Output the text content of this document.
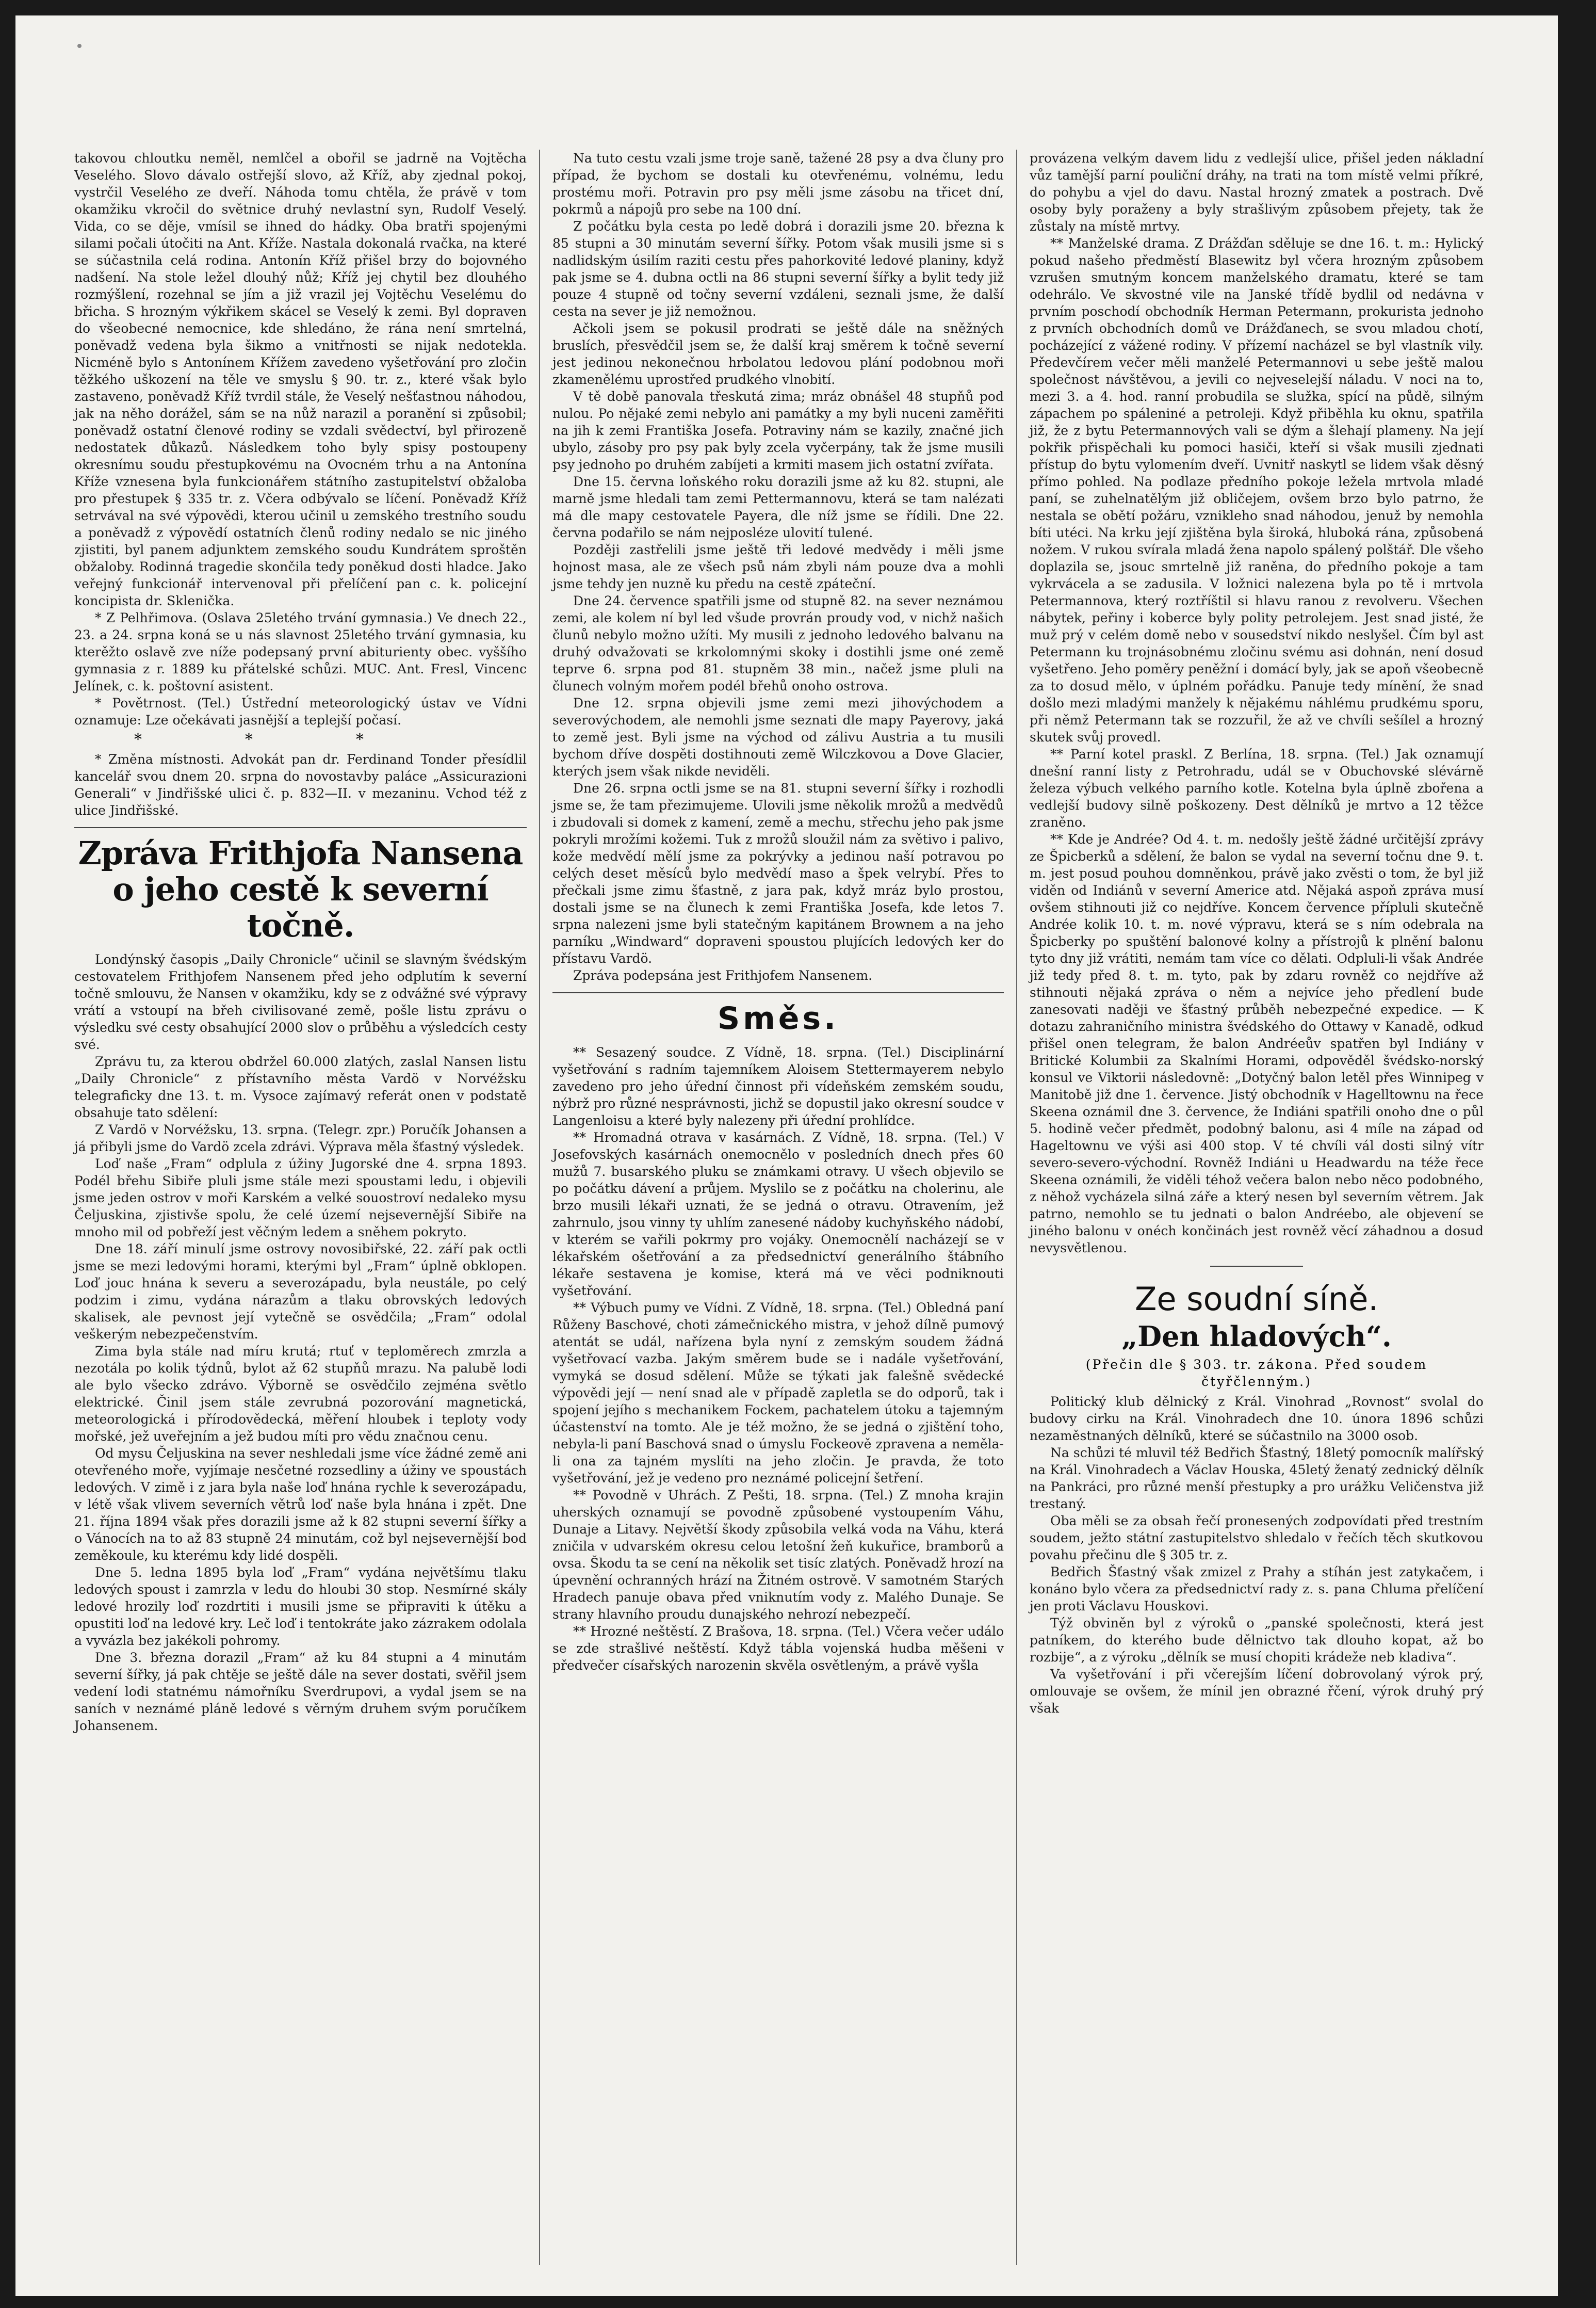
takovou chloutku neměl, nemlčel a obořil se jadrně na Vojtěcha Veselého. Slovo dávalo ostřejší slovo, až Kříž, aby zjednal pokoj, vystrčil Veselého ze dveří. Náhoda tomu chtěla, že právě v tom okamžiku vkročil do světnice druhý nevlastní syn, Rudolf Veselý. Vida, co se děje, vmísil se ihned do hádky. Oba bratři spojenými silami počali útočiti na Ant. Kříže. Nastala dokonalá rvačka, na které se súčastnila celá rodina. Antonín Kříž přišel brzy do bojovného nadšení. Na stole ležel dlouhý nůž; Kříž jej chytil bez dlouhého rozmýšlení, rozehnal se jím a již vrazil jej Vojtěchu Veselému do břicha. S hrozným výkřikem skácel se Veselý k zemi. Byl dopraven do všeobecné nemocnice, kde shledáno, že rána není smrtelná, poněvadž vedena byla šikmo a vnitřnosti se nijak nedotekla. Nicméně bylo s Antonínem Křížem zavedeno vyšetřování pro zločin těžkého uškození na těle ve smyslu § 90. tr. z., které však bylo zastaveno, poněvadž Kříž tvrdil stále, že Veselý nešťastnou náhodou, jak na něho dorážel, sám se na nůž narazil a poranění si způsobil; poněvadž ostatní členové rodiny se vzdali svědectví, byl přirozeně nedostatek důkazů. Následkem toho byly spisy postoupeny okresnímu soudu přestupkovému na Ovocném trhu a na Antonína Kříže vznesena byla funkcionářem státního zastupitelství obžaloba pro přestupek § 335 tr. z. Včera odbývalo se líčení. Poněvadž Kříž setrvával na své výpovědi, kterou učinil u zemského trestního soudu a poněvadž z výpovědí ostatních členů rodiny nedalo se nic jiného zjistiti, byl panem adjunktem zemského soudu Kundrátem sproštěn obžaloby. Rodinná tragedie skončila tedy poněkud dosti hladce. Jako veřejný funkcionář intervenoval při přelíčení pan c. k. policejní koncipista dr. Sklenička.

* Z Pelhřimova. (Oslava 25letého trvání gymnasia.) Ve dnech 22., 23. a 24. srpna koná se u nás slavnost 25letého trvání gymnasia, ku kterěžto oslavě zve níže podepsaný první abiturienty obec. vyššího gymnasia z r. 1889 ku přátelské schůzi. MUC. Ant. Fresl, Vincenc Jelínek, c. k. poštovní asistent.

* Povětrnost. (Tel.) Ústřední meteorologický ústav ve Vídni oznamuje: Lze očekávati jasnější a teplejší počasí.

***

* Změna místnosti. Advokát pan dr. Ferdinand Tonder přesídlil kancelář svou dnem 20. srpna do novostavby paláce „Assicurazioni Generali“ v Jindřišské ulici č. p. 832—II. v mezaninu. Vchod též z ulice Jindřišské.

Zpráva Frithjofa Nansena o jeho cestě k severní točně.

Londýnský časopis „Daily Chronicle“ učinil se slavným švédským cestovatelem Frithjofem Nansenem před jeho odplutím k severní točně smlouvu, že Nansen v okamžiku, kdy se z odvážné své výpravy vrátí a vstoupí na břeh civilisované země, pošle listu zprávu o výsledku své cesty obsahující 2000 slov o průběhu a výsledcích cesty své.

Zprávu tu, za kterou obdržel 60.000 zlatých, zaslal Nansen listu „Daily Chronicle“ z přístavního města Vardö v Norvéžsku telegraficky dne 13. t. m. Vysoce zajímavý referát onen v podstatě obsahuje tato sdělení:

Z Vardö v Norvéžsku, 13. srpna. (Telegr. zpr.) Poručík Johansen a já přibyli jsme do Vardö zcela zdrávi. Výprava měla šťastný výsledek.

Loď naše „Fram“ odplula z úžiny Jugorské dne 4. srpna 1893. Podél břehu Sibiře pluli jsme stále mezi spoustami ledu, i objevili jsme jeden ostrov v moři Karském a velké souostroví nedaleko mysu Čeljuskina, zjistivše spolu, že celé území nejsevernější Sibiře na mnoho mil od pobřeží jest věčným ledem a sněhem pokryto.

Dne 18. září minulí jsme ostrovy novosibiřské, 22. září pak octli jsme se mezi ledovými horami, kterými byl „Fram“ úplně obklopen. Loď jouc hnána k severu a severozápadu, byla neustále, po celý podzim i zimu, vydána nárazům a tlaku obrovských ledových skalisek, ale pevnost její vytečně se osvědčila; „Fram“ odolal veškerým nebezpečenstvím.

Zima byla stále nad míru krutá; rtuť v teploměrech zmrzla a nezotála po kolik týdnů, bylot až 62 stupňů mrazu. Na palubě lodi ale bylo všecko zdrávo. Výborně se osvědčilo zejména světlo elektrické. Činil jsem stále zevrubná pozorování magnetická, meteorologická i přírodovědecká, měření hloubek i teploty vody mořské, jež uveřejním a jež budou míti pro vědu značnou cenu.

Od mysu Čeljuskina na sever neshledali jsme více žádné země ani otevřeného moře, vyjímaje nesčetné rozsedliny a úžiny ve spoustách ledových. V zimě i z jara byla naše loď hnána rychle k severozápadu, v létě však vlivem severních větrů loď naše byla hnána i zpět. Dne 21. října 1894 však přes dorazili jsme až k 82 stupni severní šířky a o Vánocích na to až 83 stupně 24 minutám, což byl nejsevernější bod zeměkoule, ku kterému kdy lidé dospěli.

Dne 5. ledna 1895 byla loď „Fram“ vydána největšímu tlaku ledových spoust i zamrzla v ledu do hloubi 30 stop. Nesmírné skály ledové hrozily loď rozdrtiti i musili jsme se připraviti k útěku a opustiti loď na ledové kry. Leč loď i tentokráte jako zázrakem odolala a vyvázla bez jakékoli pohromy.

Dne 3. března dorazil „Fram“ až ku 84 stupni a 4 minutám severní šířky, já pak chtěje se ještě dále na sever dostati, svěřil jsem vedení lodi statnému námořníku Sverdrupovi, a vydal jsem se na saních v neznámé pláně ledové s věrným druhem svým poručíkem Johansenem.

Na tuto cestu vzali jsme troje saně, tažené 28 psy a dva čluny pro případ, že bychom se dostali ku otevřenému, volnému, ledu prostému moři. Potravin pro psy měli jsme zásobu na třicet dní, pokrmů a nápojů pro sebe na 100 dní.

Z počátku byla cesta po ledě dobrá i dorazili jsme 20. března k 85 stupni a 30 minutám severní šířky. Potom však musili jsme si s nadlidským úsilím raziti cestu přes pahorkovité ledové planiny, když pak jsme se 4. dubna octli na 86 stupni severní šířky a bylit tedy již pouze 4 stupně od točny severní vzdáleni, seznali jsme, že další cesta na sever je již nemožnou.

Ačkoli jsem se pokusil prodrati se ještě dále na sněžných bruslích, přesvědčil jsem se, že další kraj směrem k točně severní jest jedinou nekonečnou hrbolatou ledovou plání podobnou moři zkamenělému uprostřed prudkého vlnobití.

V tě době panovala třeskutá zima; mráz obnášel 48 stupňů pod nulou. Po nějaké zemi nebylo ani památky a my byli nuceni zaměřiti na jih k zemi Františka Josefa. Potraviny nám se kazily, značné jich ubylo, zásoby pro psy pak byly zcela vyčerpány, tak že jsme musili psy jednoho po druhém zabíjeti a krmiti masem jich ostatní zvířata.

Dne 15. června loňského roku dorazili jsme až ku 82. stupni, ale marně jsme hledali tam zemi Pettermannovu, která se tam nalézati má dle mapy cestovatele Payera, dle níž jsme se řídili. Dne 22. června podařilo se nám nejposléze ulovití tulené.

Později zastřelili jsme ještě tři ledové medvědy i měli jsme hojnost masa, ale ze všech psů nám zbyli nám pouze dva a mohli jsme tehdy jen nuzně ku předu na cestě zpáteční.

Dne 24. července spatřili jsme od stupně 82. na sever neznámou zemi, ale kolem ní byl led všude provrán proudy vod, v nichž našich člunů nebylo možno užíti. My musili z jednoho ledového balvanu na druhý odvažovati se krkolomnými skoky i dostihli jsme oné země teprve 6. srpna pod 81. stupněm 38 min., načež jsme pluli na člunech volným mořem podél břehů onoho ostrova.

Dne 12. srpna objevili jsme zemi mezi jihovýchodem a severovýchodem, ale nemohli jsme seznati dle mapy Payerovy, jaká to země jest. Byli jsme na východ od zálivu Austria a tu musili bychom dříve dospěti dostihnouti země Wilczkovou a Dove Glacier, kterých jsem však nikde neviděli.

Dne 26. srpna octli jsme se na 81. stupni severní šířky i rozhodli jsme se, že tam přezimujeme. Ulovili jsme několik mrožů a medvědů i zbudovali si domek z kamení, země a mechu, střechu jeho pak jsme pokryli mrožími kožemi. Tuk z mrožů sloužil nám za světivo i palivo, kože medvědí mělí jsme za pokrývky a jedinou naší potravou po celých deset měsíců bylo medvědí maso a špek velrybí. Přes to přečkali jsme zimu šťastně, z jara pak, když mráz bylo prostou, dostali jsme se na člunech k zemi Františka Josefa, kde letos 7. srpna nalezeni jsme byli statečným kapitánem Brownem a na jeho parníku „Windward“ dopraveni spoustou plujících ledových ker do přístavu Vardö.

Zpráva podepsána jest Frithjofem Nansenem.

Směs.

** Sesazený soudce. Z Vídně, 18. srpna. (Tel.) Disciplinární vyšetřování s radním tajemníkem Aloisem Stettermayerem nebylo zavedeno pro jeho úřední činnost při vídeňském zemském soudu, nýbrž pro různé nesprávnosti, jichž se dopustil jako okresní soudce v Langenloisu a které byly nalezeny při úřední prohlídce.

** Hromadná otrava v kasárnách. Z Vídně, 18. srpna. (Tel.) V Josefovských kasárnách onemocnělo v posledních dnech přes 60 mužů 7. busarského pluku se známkami otravy. U všech objevilo se po počátku dávení a průjem. Myslilo se z počátku na cholerinu, ale brzo musili lékaři uznati, že se jedná o otravu. Otravením, jež zahrnulo, jsou vinny ty uhlím zanesené nádoby kuchyňského nádobí, v kterém se vařili pokrmy pro vojáky. Onemocnělí nacházejí se v lékařském ošetřování a za předsednictví generálního štábního lékaře sestavena je komise, která má ve věci podniknouti vyšetřování.

** Výbuch pumy ve Vídni. Z Vídně, 18. srpna. (Tel.) Obledná paní Růženy Baschové, choti zámečnického mistra, v jehož dílně pumový atentát se udál, nařízena byla nyní z zemským soudem žádná vyšetřovací vazba. Jakým směrem bude se i nadále vyšetřování, vymyká se dosud sdělení. Může se týkati jak falešně svědecké výpovědi její — není snad ale v případě zapletla se do odporů, tak i spojení jejího s mechanikem Fockem, pachatelem útoku a tajemným účastenství na tomto. Ale je též možno, že se jedná o zjištění toho, nebyla-li paní Baschová snad o úmyslu Fockeově zpravena a neměla-li ona za tajném myslíti na jeho zločin. Je pravda, že toto vyšetřování, jež je vedeno pro neznámé policejní šetření.

** Povodně v Uhrách. Z Pešti, 18. srpna. (Tel.) Z mnoha krajin uherských oznamují se povodně způsobené vystoupením Váhu, Dunaje a Litavy. Největší škody způsobila velká voda na Váhu, která zničila v udvarském okresu celou letošní žeň kukuřice, bramborů a ovsa. Škodu ta se cení na několik set tisíc zlatých. Poněvadž hrozí na úpevnění ochranných hrází na Žitném ostrově. V samotném Starých Hradech panuje obava před vniknutím vody z. Malého Dunaje. Se strany hlavního proudu dunajského nehrozí nebezpečí.

** Hrozné neštěstí. Z Brašova, 18. srpna. (Tel.) Včera večer událo se zde strašlivé neštěstí. Když tábla vojenská hudba měšeni v předvečer císařských narozenin skvěla osvětleným, a právě vyšla

provázena velkým davem lidu z vedlejší ulice, přišel jeden nákladní vůz tamější parní pouliční dráhy, na trati na tom místě velmi příkré, do pohybu a vjel do davu. Nastal hrozný zmatek a postrach. Dvě osoby byly poraženy a byly strašlivým způsobem přejety, tak že zůstaly na místě mrtvy.

** Manželské drama. Z Drážďan sděluje se dne 16. t. m.: Hylický pokud našeho předměstí Blasewitz byl včera hrozným způsobem vzrušen smutným koncem manželského dramatu, které se tam odehrálo. Ve skvostné vile na Janské třídě bydlil od nedávna v prvním poschodí obchodník Herman Petermann, prokurista jednoho z prvních obchodních domů ve Drážďanech, se svou mladou chotí, pocházející z vážené rodiny. V přízemí nacházel se byl vlastník vily. Předevčírem večer měli manželé Petermannovi u sebe ještě malou společnost návštěvou, a jevili co nejveselejší náladu. V noci na to, mezi 3. a 4. hod. ranní probudila se služka, spící na půdě, silným zápachem po spáleniné a petroleji. Když přiběhla ku oknu, spatřila již, že z bytu Petermannových vali se dým a šlehají plameny. Na její pokřik přispěchali ku pomoci hasiči, kteří si však musili zjednati přístup do bytu vylomením dveří. Uvnitř naskytl se lidem však děsný přímo pohled. Na podlaze předního pokoje ležela mrtvola mladé paní, se zuhelnatělým již obličejem, ovšem brzo bylo patrno, že nestala se obětí požáru, vznikleho snad náhodou, jenuž by nemohla bíti utéci. Na krku její zjištěna byla široká, hluboká rána, způsobená nožem. V rukou svírala mladá žena napolo spálený polštář. Dle všeho doplazila se, jsouc smrtelně již raněna, do předního pokoje a tam vykrvácela a se zadusila. V ložnici nalezena byla po tě i mrtvola Petermannova, který roztříštil si hlavu ranou z revolveru. Všechen nábytek, peřiny i koberce byly polity petrolejem. Jest snad jisté, že muž prý v celém domě nebo v sousedství nikdo neslyšel. Čím byl ast Petermann ku trojnásobnému zločinu svému asi dohnán, není dosud vyšetřeno. Jeho poměry peněžní i domácí byly, jak se apoň všeobecně za to dosud mělo, v úplném pořádku. Panuje tedy mínění, že snad došlo mezi mladými manžely k nějakému náhlému prudkému sporu, při němž Petermann tak se rozzuřil, že až ve chvíli sešílel a hrozný skutek svůj provedl.

** Parní kotel praskl. Z Berlína, 18. srpna. (Tel.) Jak oznamují dnešní ranní listy z Petrohradu, udál se v Obuchovské slévárně železa výbuch velkého parního kotle. Kotelna byla úplně zbořena a vedlejší budovy silně poškozeny. Dest dělníků je mrtvo a 12 těžce zraněno.

** Kde je Andrée? Od 4. t. m. nedošly ještě žádné určitější zprávy ze Špicberků a sdělení, že balon se vydal na severní točnu dne 9. t. m. jest posud pouhou domněnkou, právě jako zvěsti o tom, že byl již viděn od Indiánů v severní Americe atd. Nějaká aspoň zpráva musí ovšem stihnouti již co nejdříve. Koncem července přípluli skutečně Andrée kolik 10. t. m. nové výpravu, která se s ním odebrala na Špicberky po spuštění balonové kolny a přístrojů k plnění balonu tyto dny již vrátiti, nemám tam více co dělati. Odpluli-li však Andrée již tedy před 8. t. m. tyto, pak by zdaru rovněž co nejdříve až stihnouti nějaká zpráva o něm a nejvíce jeho předlení bude zanesovati naději ve šťastný průběh nebezpečné expedice. — K dotazu zahraničního ministra švédského do Ottawy v Kanadě, odkud přišel onen telegram, že balon Andréeův spatřen byl Indiány v Britické Kolumbii za Skalními Horami, odpověděl švédsko-norský konsul ve Viktorii následovně: „Dotyčný balon letěl přes Winnipeg v Manitobě již dne 1. července. Jistý obchodník v Hagelltownu na řece Skeena oznámil dne 3. července, že Indiáni spatřili onoho dne o půl 5. hodině večer předmět, podobný balonu, asi 4 míle na západ od Hageltownu ve výši asi 400 stop. V té chvíli vál dosti silný vítr severo-severo-východní. Rovněž Indiáni u Headwardu na téže řece Skeena oznámili, že viděli téhož večera balon nebo něco podobného, z něhož vycházela silná záře a který nesen byl severním větrem. Jak patrno, nemohlo se tu jednati o balon Andréebo, ale objevení se jiného balonu v onéch končinách jest rovněž věcí záhadnou a dosud nevysvětlenou.

Ze soudní síně.
„Den hladových“.
(Přečin dle § 303. tr. zákona. Před soudem čtyřčlenným.)

Politický klub dělnický z Král. Vinohrad „Rovnost“ svolal do budovy cirku na Král. Vinohradech dne 10. února 1896 schůzi nezaměstnaných dělníků, které se súčastnilo na 3000 osob.

Na schůzi té mluvil též Bedřich Šťastný, 18letý pomocník malířský na Král. Vinohradech a Václav Houska, 45letý ženatý zednický dělník na Pankráci, pro různé menší přestupky a pro urážku Veličenstva již trestaný.

Oba měli se za obsah řečí pronesených zodpovídati před trestním soudem, ježto státní zastupitelstvo shledalo v řečích těch skutkovou povahu přečinu dle § 305 tr. z.

Bedřich Šťastný však zmizel z Prahy a stíhán jest zatykačem, i konáno bylo včera za předsednictví rady z. s. pana Chluma přelíčení jen proti Václavu Houskovi.

Týž obviněn byl z výroků o „panské společnosti, která jest patníkem, do kterého bude dělnictvo tak dlouho kopat, až bo rozbije“, a z výroku „dělník se musí chopiti krádeže neb kladiva“.

Va vyšetřování i při včerejším líčení dobrovolaný výrok prý, omlouvaje se ovšem, že mínil jen obrazné řčení, výrok druhý prý však
